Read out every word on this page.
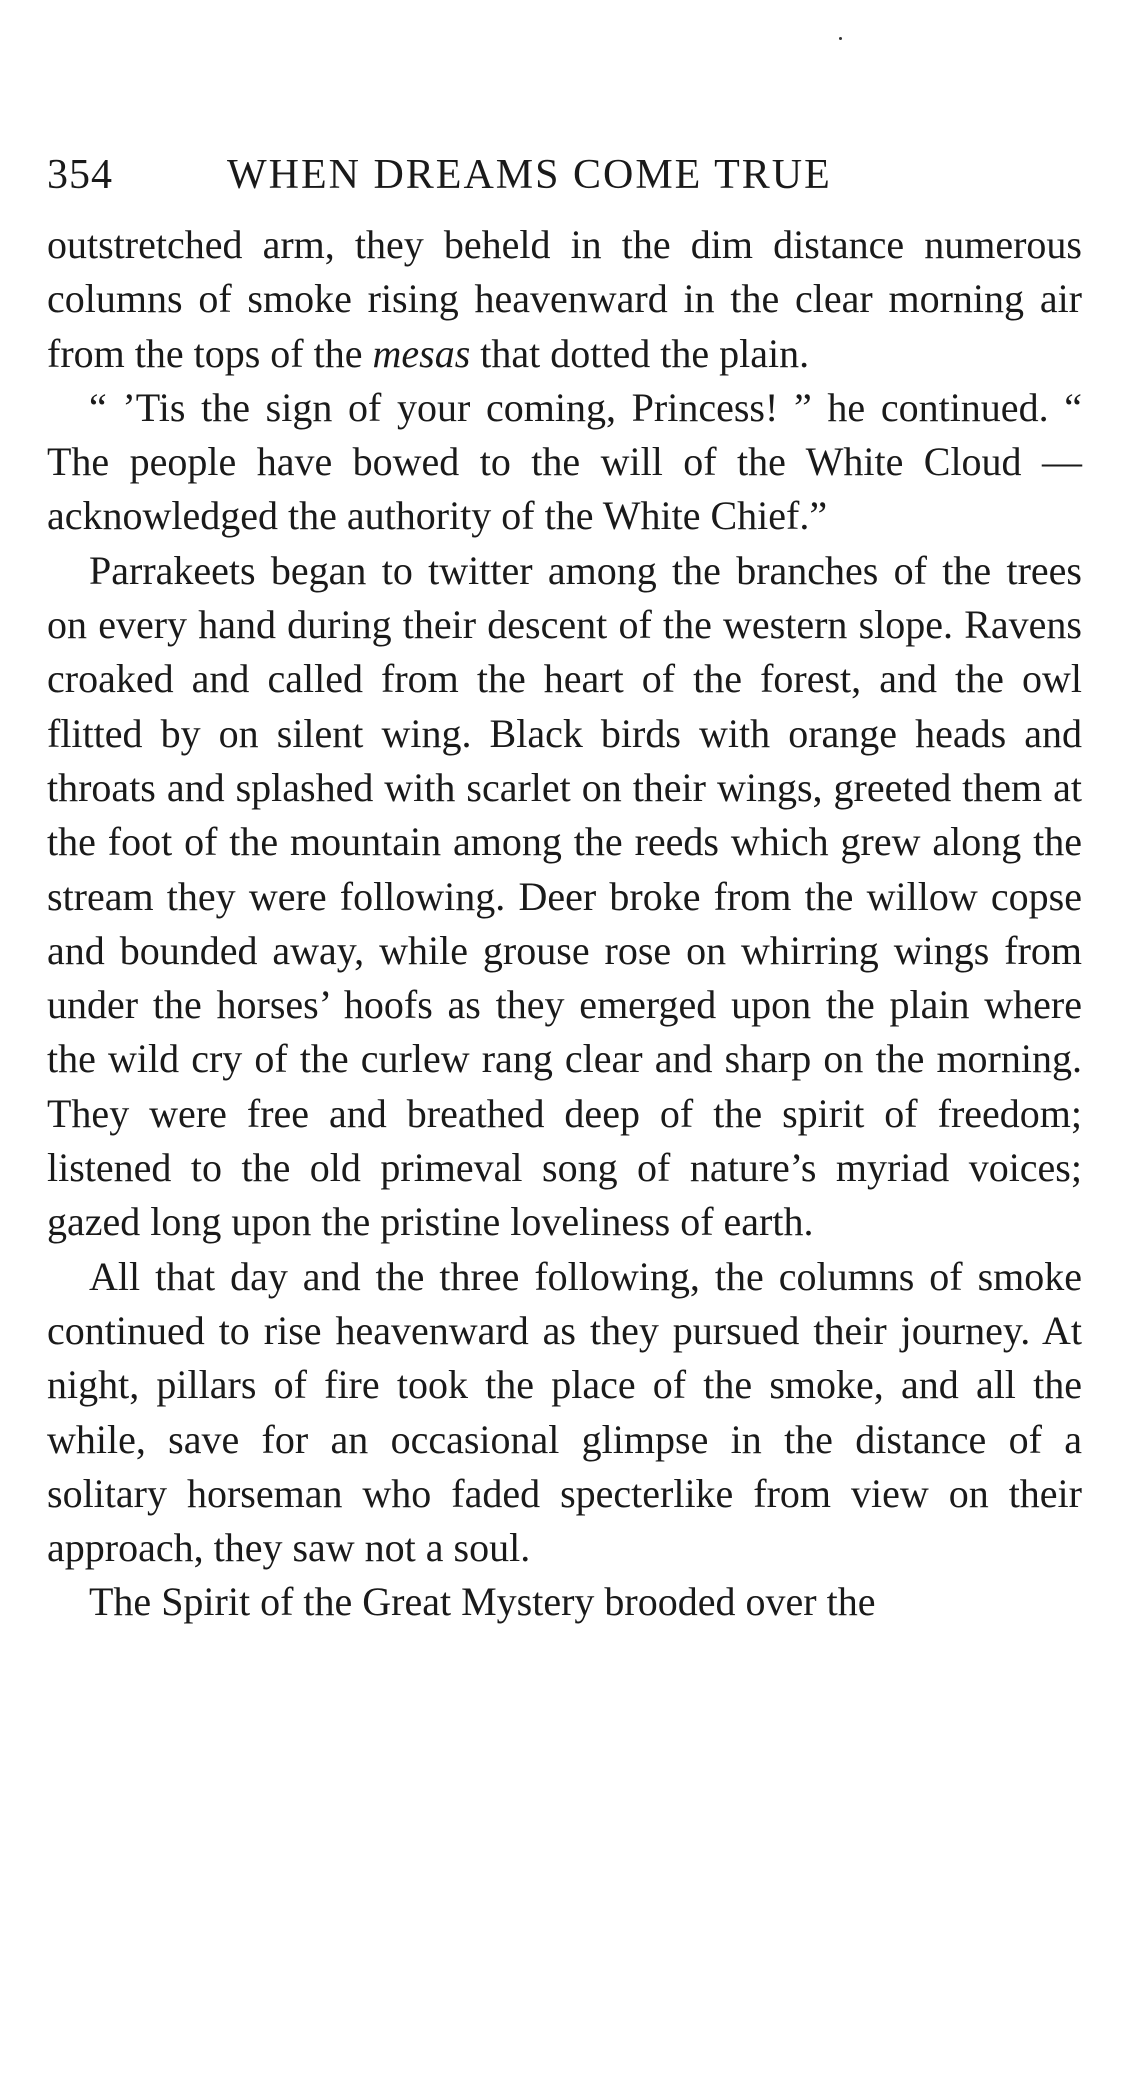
354	WHEN DREAMS COME TRUE

outstretched arm, they beheld in the dim distance numerous columns of smoke rising heavenward in the clear morning air from the tops of the mesas that dotted the plain.

“ ’Tis the sign of your coming, Princess! ” he continued. “ The people have bowed to the will of the White Cloud — acknowledged the authority of the White Chief.”

Parrakeets began to twitter among the branches of the trees on every hand during their descent of the western slope. Ravens croaked and called from the heart of the forest, and the owl flitted by on silent wing. Black birds with orange heads and throats and splashed with scarlet on their wings, greeted them at the foot of the mountain among the reeds which grew along the stream they were following. Deer broke from the willow copse and bounded away, while grouse rose on whirring wings from under the horses’ hoofs as they emerged upon the plain where the wild cry of the curlew rang clear and sharp on the morning. They were free and breathed deep of the spirit of freedom; listened to the old primeval song of nature’s myriad voices; gazed long upon the pristine loveliness of earth.

All that day and the three following, the columns of smoke continued to rise heavenward as they pursued their journey. At night, pillars of fire took the place of the smoke, and all the while, save for an occasional glimpse in the distance of a solitary horseman who faded specterlike from view on their approach, they saw not a soul.

The Spirit of the Great Mystery brooded over the
